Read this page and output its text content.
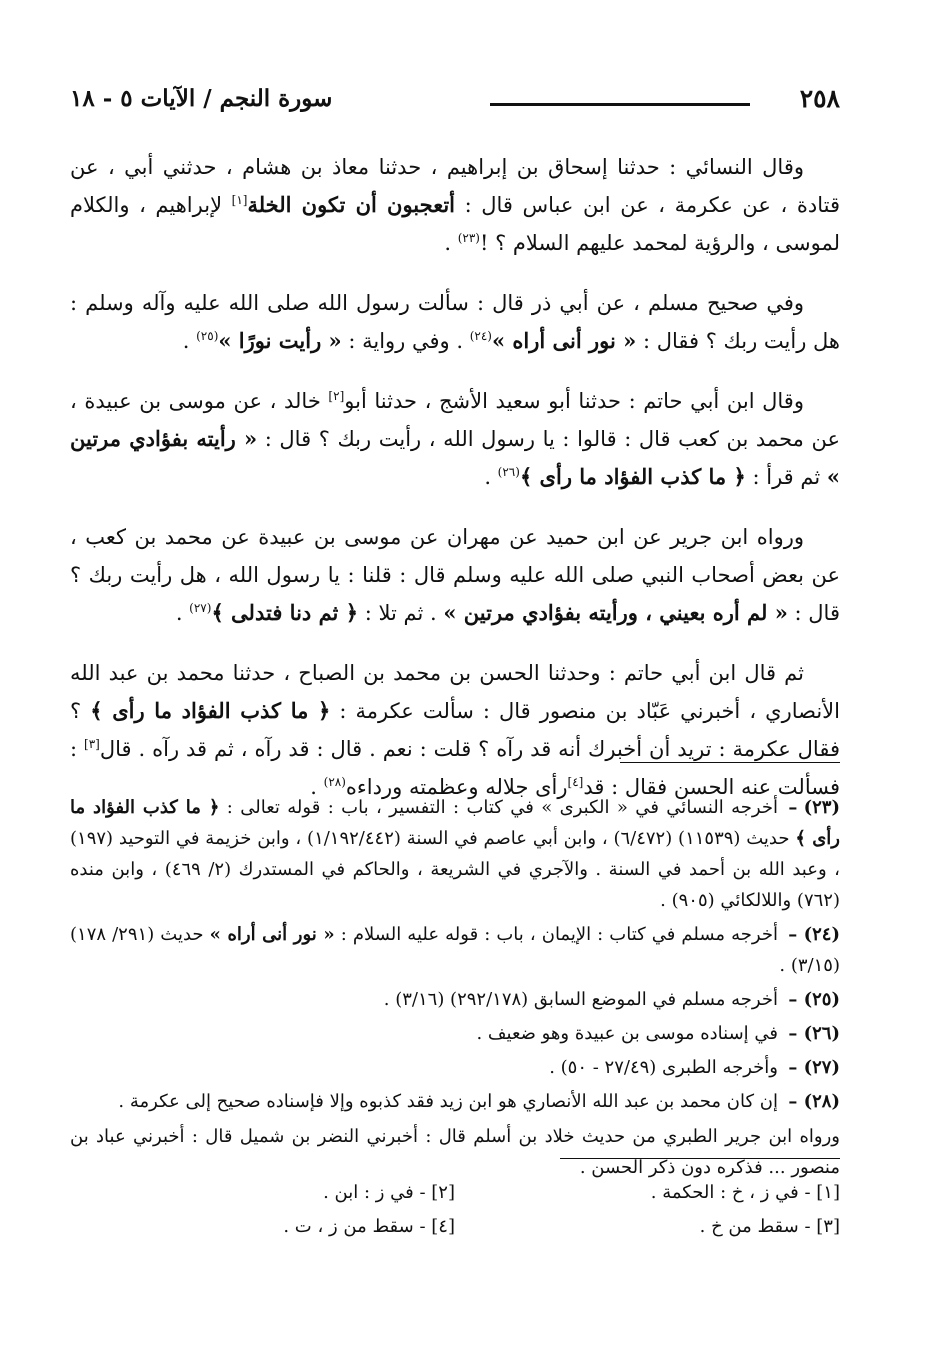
٢٥٨
سورة النجم / الآيات ٥ - ١٨

وقال النسائي : حدثنا إسحاق بن إبراهيم ، حدثنا معاذ بن هشام ، حدثني أبي ، عن قتادة ، عن عكرمة ، عن ابن عباس قال : أتعجبون أن تكون الخلة[١] لإبراهيم ، والكلام لموسى ، والرؤية لمحمد عليهم السلام ؟ !$^{(٢٣)}$ .

وفي صحيح مسلم ، عن أبي ذر قال : سألت رسول الله صلى الله عليه وآله وسلم : هل رأيت ربك ؟ فقال : « نور أنى أراه »$^{(٢٤)}$ . وفي رواية : « رأيت نورًا »$^{(٢٥)}$ .

وقال ابن أبي حاتم : حدثنا أبو سعيد الأشج ، حدثنا أبو[٢] خالد ، عن موسى بن عبيدة ، عن محمد بن كعب قال : قالوا : يا رسول الله ، رأيت ربك ؟ قال : « رأيته بفؤادي مرتين » ثم قرأ : ﴿ ما كذب الفؤاد ما رأى ﴾$^{(٢٦)}$ .

ورواه ابن جرير عن ابن حميد عن مهران عن موسى بن عبيدة عن محمد بن كعب ، عن بعض أصحاب النبي صلى الله عليه وسلم قال : قلنا : يا رسول الله ، هل رأيت ربك ؟ قال : « لم أره بعيني ، ورأيته بفؤادي مرتين » . ثم تلا : ﴿ ثم دنا فتدلى ﴾$^{(٢٧)}$ .

ثم قال ابن أبي حاتم : وحدثنا الحسن بن محمد بن الصباح ، حدثنا محمد بن عبد الله الأنصاري ، أخبرني عَبّاد بن منصور قال : سألت عكرمة : ﴿ ما كذب الفؤاد ما رأى ﴾ ؟ فقال عكرمة : تريد أن أخبرك أنه قد رآه ؟ قلت : نعم . قال : قد رآه ، ثم قد رآه . قال[٣] : فسألت عنه الحسن فقال : قد[٤]رأى جلاله وعظمته ورداءه$^{(٢٨)}$ .

(٢٣) –أخرجه النسائي في « الكبرى » في كتاب : التفسير ، باب : قوله تعالى : ﴿ ما كذب الفؤاد ما رأى ﴾ حديث (١١٥٣٩) (٦/٤٧٢) ، وابن أبي عاصم في السنة (١/١٩٢/٤٤٢) ، وابن خزيمة في التوحيد (١٩٧) ، وعبد الله بن أحمد في السنة . والآجري في الشريعة ، والحاكم في المستدرك (٢/ ٤٦٩) ، وابن منده (٧٦٢) واللالكائي (٩٠٥) .

(٢٤) –أخرجه مسلم في كتاب : الإيمان ، باب : قوله عليه السلام : « نور أنى أراه » حديث (٢٩١/ ١٧٨) (٣/١٥) .

(٢٥) –أخرجه مسلم في الموضع السابق (٢٩٢/١٧٨) (٣/١٦) .

(٢٦) –في إسناده موسى بن عبيدة وهو ضعيف .

(٢٧) –وأخرجه الطبرى (٢٧/٤٩ - ٥٠) .

(٢٨) –إن كان محمد بن عبد الله الأنصاري هو ابن زيد فقد كذبوه وإلا فإسناده صحيح إلى عكرمة .

ورواه ابن جرير الطبري من حديث خلاد بن أسلم قال : أخبرني النضر بن شميل قال : أخبرني عباد بن منصور ... فذكره دون ذكر الحسن .

[١] - في ز ، خ : الحكمة .
[٢] - في ز : ابن .
[٣] - سقط من خ .
[٤] - سقط من ز ، ت .
